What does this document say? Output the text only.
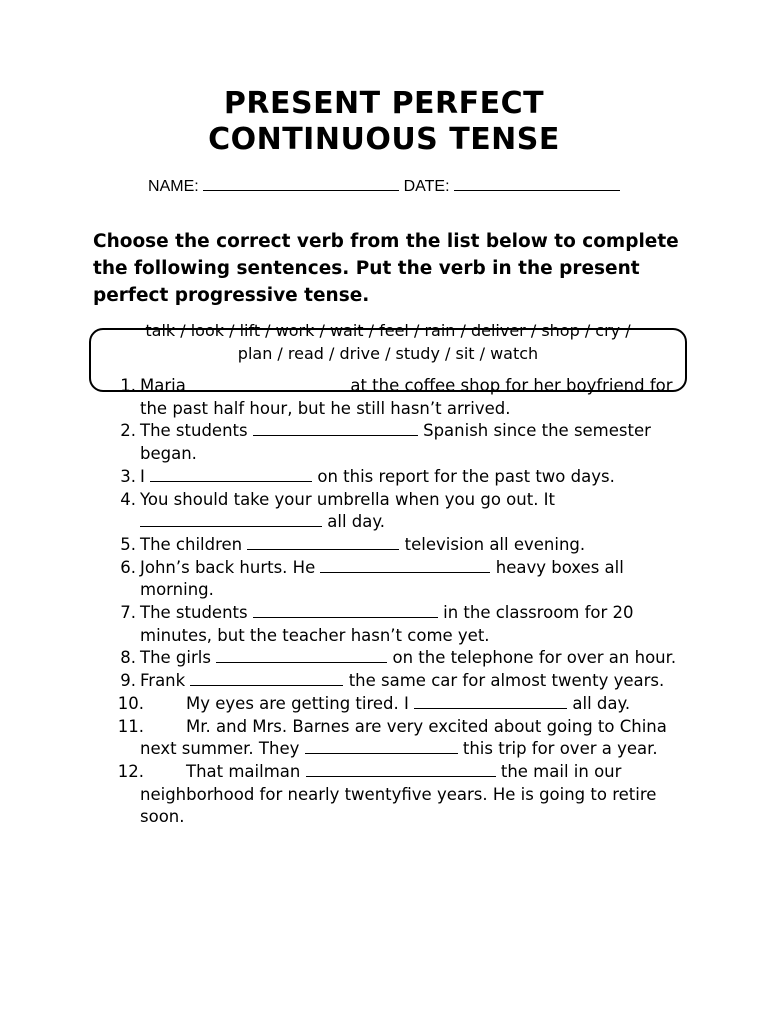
PRESENT PERFECT
CONTINUOUS TENSE
NAME:	DATE:

Choose the correct verb from the list below to complete the following sentences. Put the verb in the present perfect progressive tense.

talk / look / lift / work / wait / feel / rain / deliver / shop / cry /
plan / read / drive / study / sit / watch
1. Maria	at the coffee shop for her boyfriend for the past half hour, but he still hasn’t arrived.
2. The students	Spanish since the semester began.
3. I	on this report for the past two days.
4. You should take your umbrella when you go out. It  all day.
5. The children	television all evening.
6. John’s back hurts. He	heavy boxes all morning.
7. The students	in the classroom for 20 minutes, but the teacher hasn’t come yet.
8. The girls	on the telephone for over an hour.
9. Frank	the same car for almost twenty years.
10.	My eyes are getting tired. I	all day.
11.	Mr. and Mrs. Barnes are very excited about going to China next summer. They	this trip for over a year.
12.	That mailman	the mail in our neighborhood for nearly twentyfive years. He is going to retire soon.
